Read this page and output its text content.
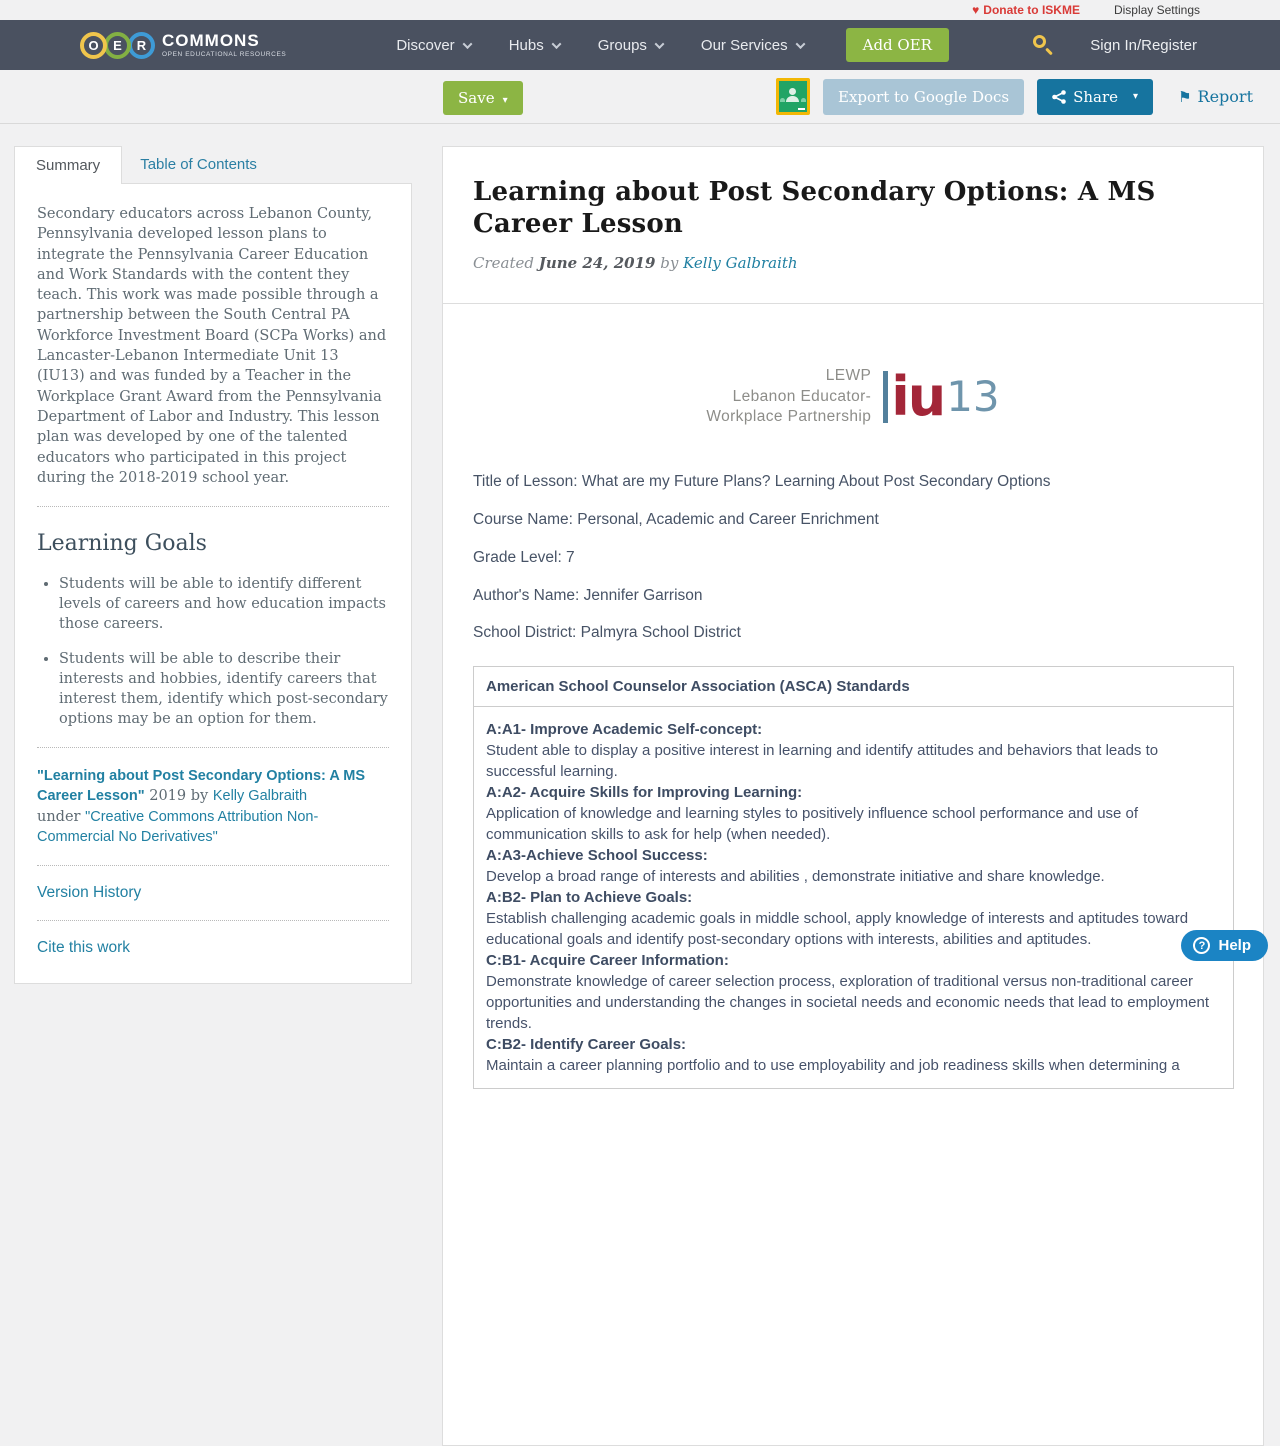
♥ Donate to ISKME	Display Settings
O	E	R COMMONS
OPEN EDUCATIONAL RESOURCES
Discover	Hubs	Groups	Our Services	Add OER	Sign In/Register
Save ▾	Export to Google Docs	Share ▾ ⚑	Report
Summary	Table of Contents

Secondary educators across Lebanon County, Pennsylvania developed lesson plans to integrate the Pennsylvania Career Education and Work Standards with the content they teach. This work was made possible through a partnership between the South Central PA Workforce Investment Board (SCPa Works) and Lancaster-Lebanon Intermediate Unit 13 (IU13) and was funded by a Teacher in the Workplace Grant Award from the Pennsylvania Department of Labor and Industry. This lesson plan was developed by one of the talented educators who participated in this project during the 2018-2019 school year.

Learning Goals
• Students will be able to identify different levels of careers and how education impacts those careers.
• Students will be able to describe their interests and hobbies, identify careers that interest them, identify which post-secondary options may be an option for them.
"Learning about Post Secondary Options: A MS Career Lesson" 2019 by Kelly Galbraith
under "Creative Commons Attribution Non-Commercial No Derivatives"
Version History
Cite this work
Learning about Post Secondary Options: A MS Career Lesson
Created June 24, 2019 by Kelly Galbraith
LEWP
Lebanon Educator-
Workplace Partnership iu 13

Title of Lesson: What are my Future Plans? Learning About Post Secondary Options

Course Name: Personal, Academic and Career Enrichment

Grade Level: 7

Author's Name: Jennifer Garrison

School District: Palmyra School District

American School Counselor Association (ASCA) Standards

A:A1- Improve Academic Self-concept:
Student able to display a positive interest in learning and identify attitudes and behaviors that leads to successful learning.
A:A2- Acquire Skills for Improving Learning:
Application of knowledge and learning styles to positively influence school performance and use of communication skills to ask for help (when needed).
A:A3-Achieve School Success:
Develop a broad range of interests and abilities , demonstrate initiative and share knowledge.
A:B2- Plan to Achieve Goals:
Establish challenging academic goals in middle school, apply knowledge of interests and aptitudes toward educational goals and identify post-secondary options with interests, abilities and aptitudes.
C:B1- Acquire Career Information:
Demonstrate knowledge of career selection process, exploration of traditional versus non-traditional career opportunities and understanding the changes in societal needs and economic needs that lead to employment trends.
C:B2- Identify Career Goals:
Maintain a career planning portfolio and to use employability and job readiness skills when determining a
?
Help
